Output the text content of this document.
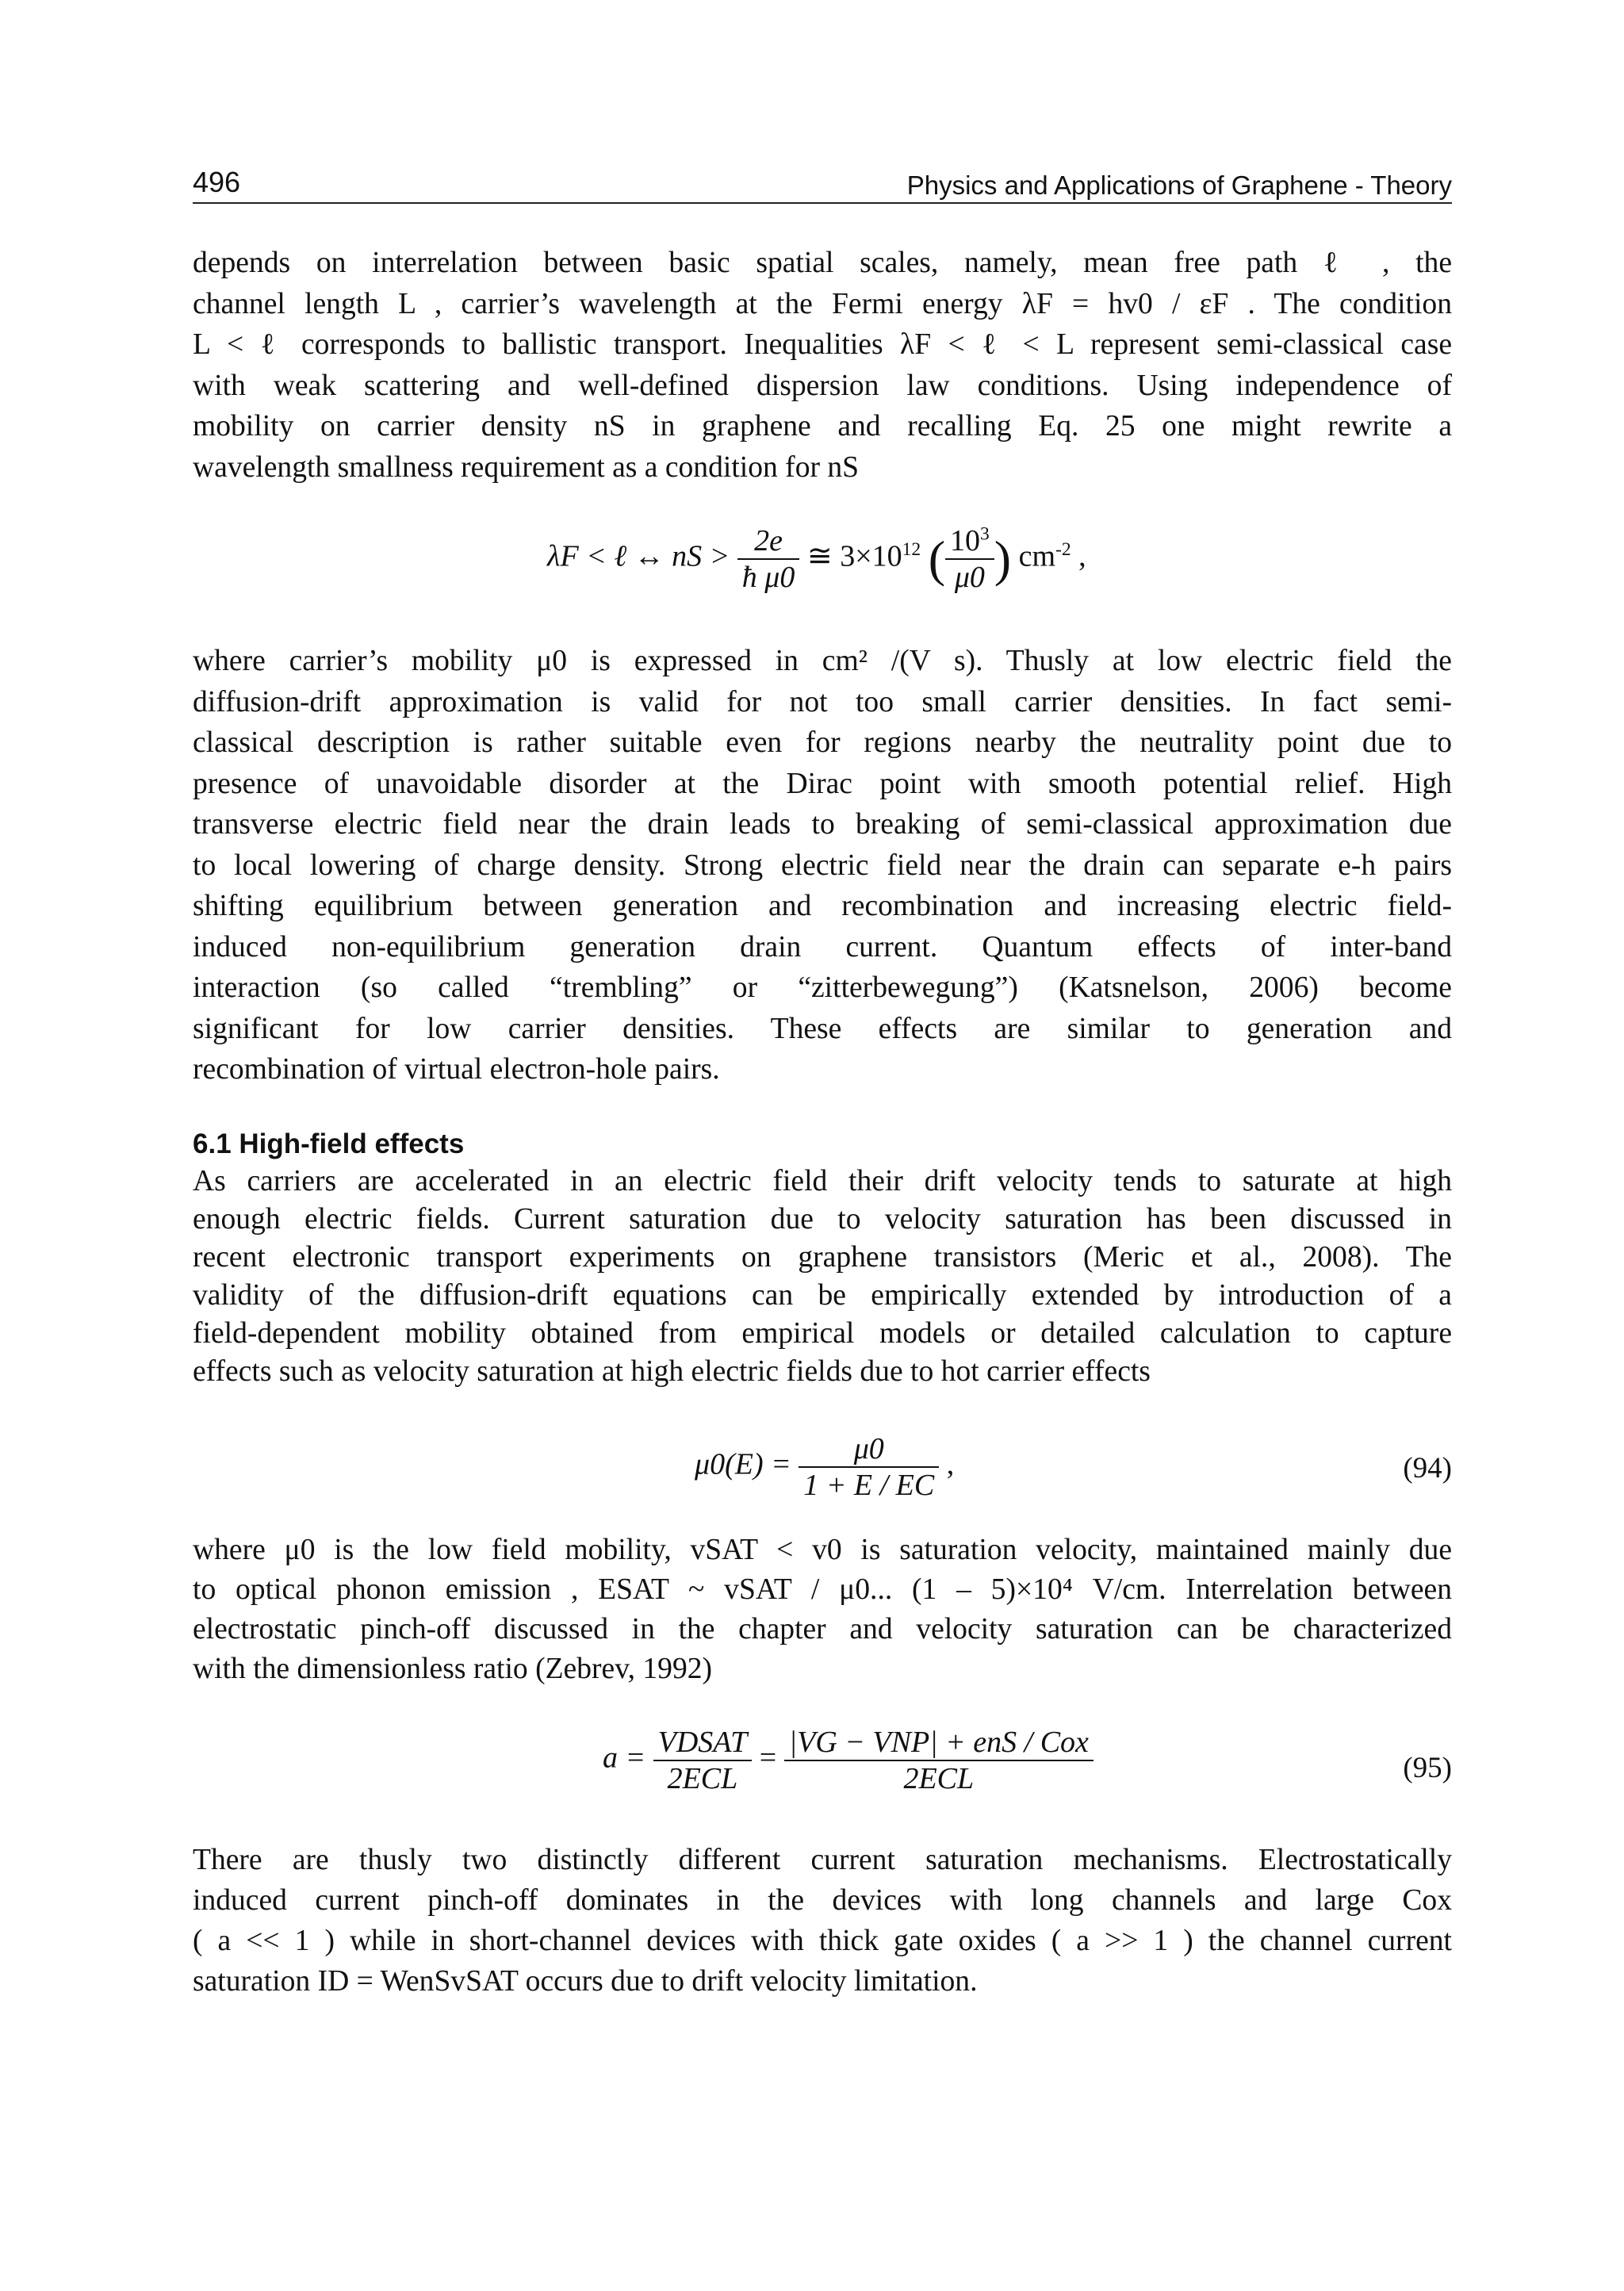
496	Physics and Applications of Graphene - Theory

depends on interrelation between basic spatial scales, namely, mean free path ℓ , the
channel length L , carrier’s wavelength at the Fermi energy λF = hv0 / εF . The condition
L < ℓ corresponds to ballistic transport. Inequalities λF < ℓ < L represent semi-classical case
with weak scattering and well-defined dispersion law conditions. Using independence of
mobility on carrier density nS in graphene and recalling Eq. 25 one might rewrite a
wavelength smallness requirement as a condition for nS

λF < ℓ ↔ nS > $\frac{2e}{\text{ħ μ0}}$ ≅ $3\times 10^{12}$ ( $\frac{10^3}{\mu 0}$ ) $cm^{-2}$ ,

where carrier’s mobility μ0 is expressed in cm² /(V s). Thusly at low electric field the
diffusion-drift approximation is valid for not too small carrier densities. In fact semi-
classical description is rather suitable even for regions nearby the neutrality point due to
presence of unavoidable disorder at the Dirac point with smooth potential relief. High
transverse electric field near the drain leads to breaking of semi-classical approximation due
to local lowering of charge density. Strong electric field near the drain can separate e-h pairs
shifting equilibrium between generation and recombination and increasing electric field-
induced non-equilibrium generation drain current. Quantum effects of inter-band
interaction (so called “trembling” or “zitterbewegung”) (Katsnelson, 2006) become
significant for low carrier densities. These effects are similar to generation and
recombination of virtual electron-hole pairs.

6.1 High-field effects

As carriers are accelerated in an electric field their drift velocity tends to saturate at high
enough electric fields. Current saturation due to velocity saturation has been discussed in
recent electronic transport experiments on graphene transistors (Meric et al., 2008). The
validity of the diffusion-drift equations can be empirically extended by introduction of a
field-dependent mobility obtained from empirical models or detailed calculation to capture
effects such as velocity saturation at high electric fields due to hot carrier effects

$\mu 0(E) = \frac{\mu 0}{1 + E / EC}$ ,	(94)

where μ0 is the low field mobility, vSAT < v0 is saturation velocity, maintained mainly due
to optical phonon emission , ESAT ~ vSAT / μ0... (1 – 5)×10⁴ V/cm. Interrelation between
electrostatic pinch-off discussed in the chapter and velocity saturation can be characterized
with the dimensionless ratio (Zebrev, 1992)

$a = \frac{\text{VDSAT}}{\text{2ECL}} = \frac{\text{|VG − VNP| + enS / Cox}}{\text{2ECL}}$	(95)

There are thusly two distinctly different current saturation mechanisms. Electrostatically
induced current pinch-off dominates in the devices with long channels and large Cox
( a << 1 ) while in short-channel devices with thick gate oxides ( a >> 1 ) the channel current
saturation ID = WenSvSAT occurs due to drift velocity limitation.
